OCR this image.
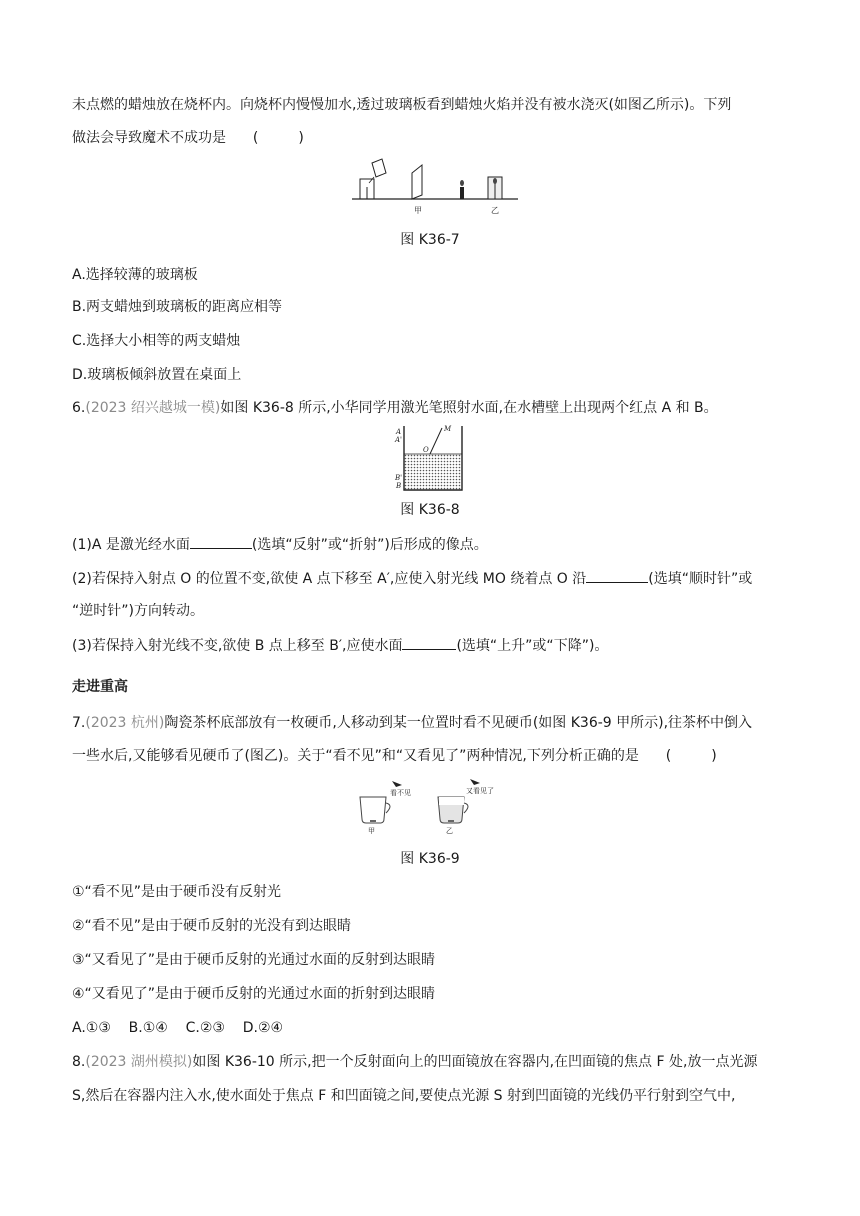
未点燃的蜡烛放在烧杯内。向烧杯内慢慢加水,透过玻璃板看到蜡烛火焰并没有被水浇灭(如图乙所示)。下列
做法会导致魔术不成功是 (	)
甲	乙
图 K36-7
A.选择较薄的玻璃板
B.两支蜡烛到玻璃板的距离应相等
C.选择大小相等的两支蜡烛
D.玻璃板倾斜放置在桌面上
6.(2023 绍兴越城一模)如图 K36-8 所示,小华同学用激光笔照射水面,在水槽壁上出现两个红点 A 和 B。
A
A'
M
O
B'
B
图 K36-8
(1)A 是激光经水面	(选填“反射”或“折射”)后形成的像点。
(2)若保持入射点 O 的位置不变,欲使 A 点下移至 A′,应使入射光线 MO 绕着点 O 沿	(选填“顺时针”或
“逆时针”)方向转动。
(3)若保持入射光线不变,欲使 B 点上移至 B′,应使水面	(选填“上升”或“下降”)。
走进重高
7.(2023 杭州)陶瓷茶杯底部放有一枚硬币,人移动到某一位置时看不见硬币(如图 K36-9 甲所示),往茶杯中倒入
一些水后,又能够看见硬币了(图乙)。关于“看不见”和“又看见了”两种情况,下列分析正确的是 (	)
看不见
甲
又看见了
乙
图 K36-9
①“看不见”是由于硬币没有反射光
②“看不见”是由于硬币反射的光没有到达眼睛
③“又看见了”是由于硬币反射的光通过水面的反射到达眼睛
④“又看见了”是由于硬币反射的光通过水面的折射到达眼睛
A.①③    B.①④    C.②③    D.②④
8.(2023 湖州模拟)如图 K36-10 所示,把一个反射面向上的凹面镜放在容器内,在凹面镜的焦点 F 处,放一点光源
S,然后在容器内注入水,使水面处于焦点 F 和凹面镜之间,要使点光源 S 射到凹面镜的光线仍平行射到空气中,
